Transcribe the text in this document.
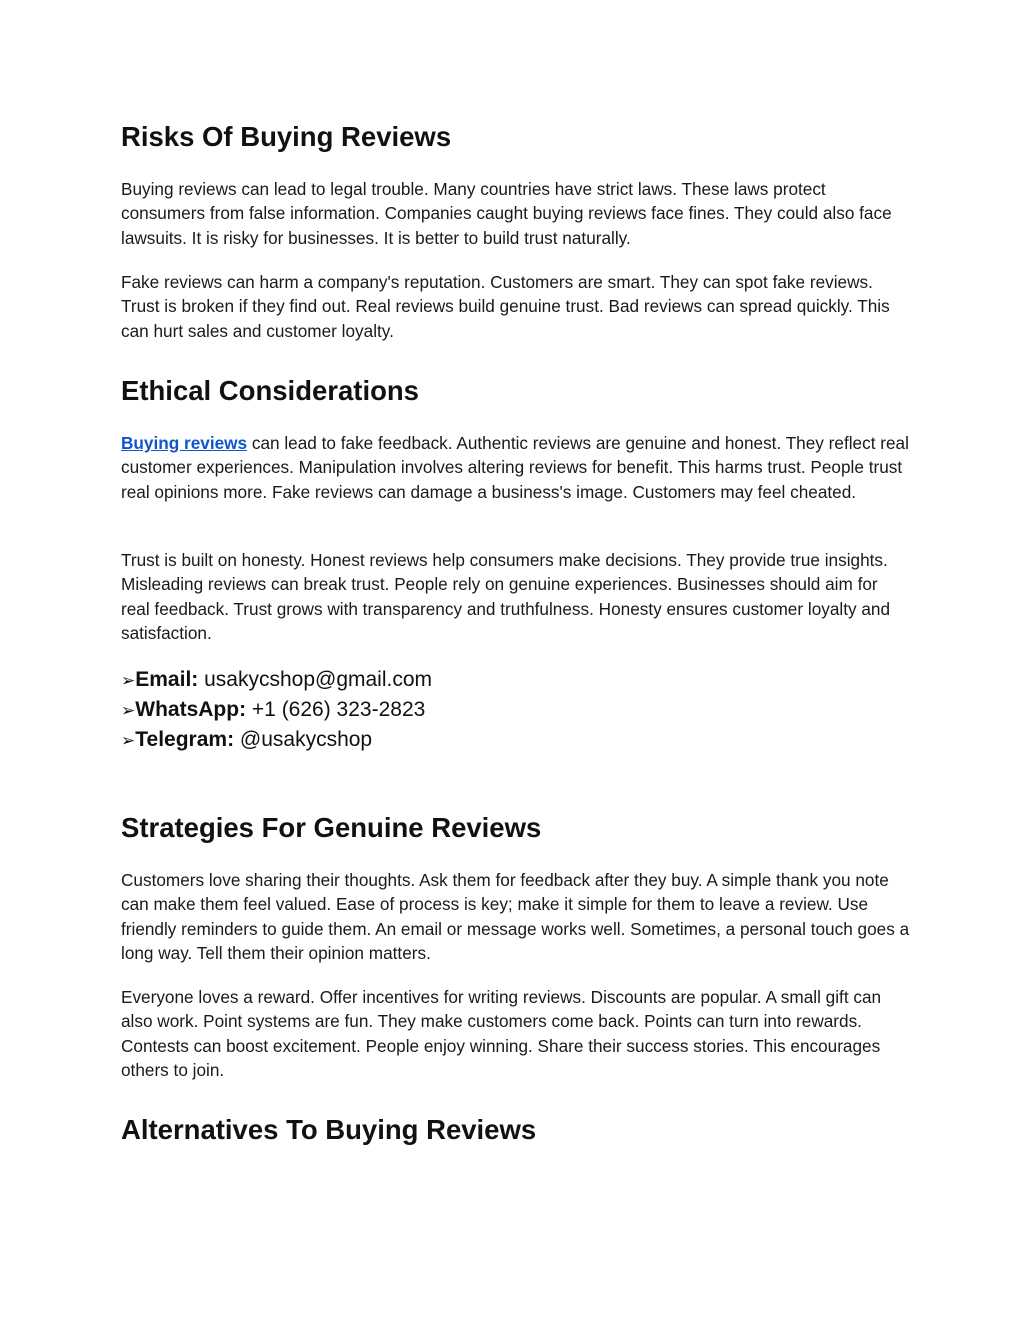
Risks Of Buying Reviews

Buying reviews can lead to legal trouble. Many countries have strict laws. These laws protect consumers from false information. Companies caught buying reviews face fines. They could also face lawsuits. It is risky for businesses. It is better to build trust naturally.

Fake reviews can harm a company's reputation. Customers are smart. They can spot fake reviews. Trust is broken if they find out. Real reviews build genuine trust. Bad reviews can spread quickly. This can hurt sales and customer loyalty.

Ethical Considerations

Buying reviews can lead to fake feedback. Authentic reviews are genuine and honest. They reflect real customer experiences. Manipulation involves altering reviews for benefit. This harms trust. People trust real opinions more. Fake reviews can damage a business's image. Customers may feel cheated.

Trust is built on honesty. Honest reviews help consumers make decisions. They provide true insights. Misleading reviews can break trust. People rely on genuine experiences. Businesses should aim for real feedback. Trust grows with transparency and truthfulness. Honesty ensures customer loyalty and satisfaction.

➢Email: usakycshop@gmail.com
➢WhatsApp: +1 (626) 323-2823
➢Telegram: @usakycshop
Strategies For Genuine Reviews

Customers love sharing their thoughts. Ask them for feedback after they buy. A simple thank you note can make them feel valued. Ease of process is key; make it simple for them to leave a review. Use friendly reminders to guide them. An email or message works well. Sometimes, a personal touch goes a long way. Tell them their opinion matters.

Everyone loves a reward. Offer incentives for writing reviews. Discounts are popular. A small gift can also work. Point systems are fun. They make customers come back. Points can turn into rewards. Contests can boost excitement. People enjoy winning. Share their success stories. This encourages others to join.

Alternatives To Buying Reviews
